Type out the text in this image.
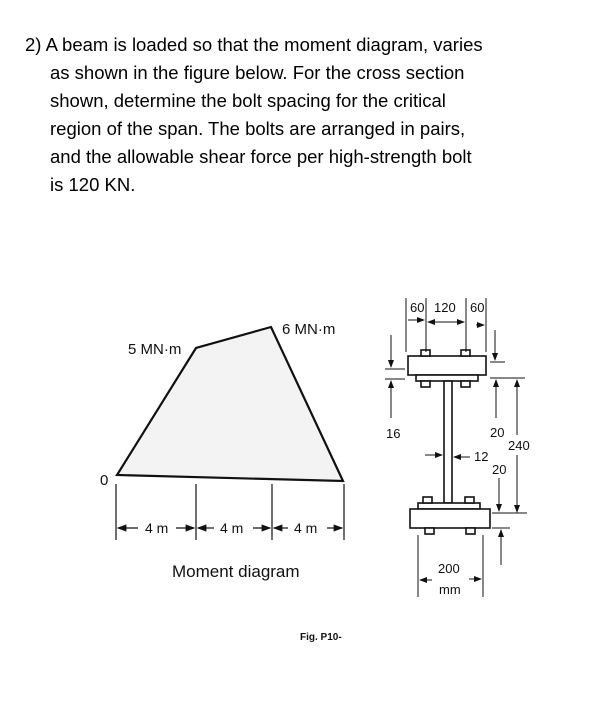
2) A beam is loaded so that the moment diagram, varies
as shown in the figure below. For the cross section
shown, determine the bolt spacing for the critical
region of the span. The bolts are arranged in pairs,
and the allowable shear force per high-strength bolt
is 120 KN.
0
5 MN·m
6 MN·m
4 m	4 m	4 m
Moment diagram
Fig. P10-
60 120 60
16	20
240
12
20
200
mm
